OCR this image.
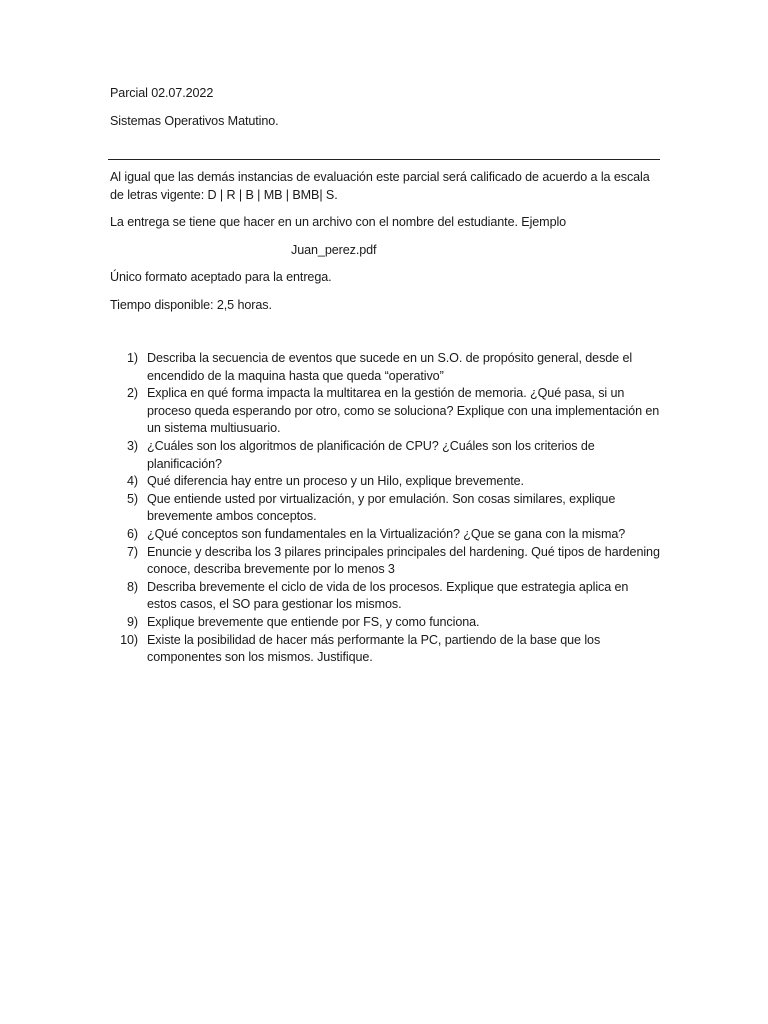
Parcial 02.07.2022
Sistemas Operativos Matutino.
Al igual que las demás instancias de evaluación este parcial será calificado de acuerdo a la escala de letras vigente: D | R | B | MB | BMB| S.
La entrega se tiene que hacer en un archivo con el nombre del estudiante. Ejemplo
Juan_perez.pdf
Único formato aceptado para la entrega.
Tiempo disponible: 2,5 horas.
1) Describa la secuencia de eventos que sucede en un S.O. de propósito general, desde el encendido de la maquina hasta que queda “operativo”
2) Explica en qué forma impacta la multitarea en la gestión de memoria. ¿Qué pasa, si un proceso queda esperando por otro, como se soluciona? Explique con una implementación en un sistema multiusuario.
3) ¿Cuáles son los algoritmos de planificación de CPU? ¿Cuáles son los criterios de planificación?
4) Qué diferencia hay entre un proceso y un Hilo, explique brevemente.
5) Que entiende usted por virtualización, y por emulación. Son cosas similares, explique brevemente ambos conceptos.
6) ¿Qué conceptos son fundamentales en la Virtualización? ¿Que se gana con la misma?
7) Enuncie y describa los 3 pilares principales principales del hardening. Qué tipos de hardening conoce, describa brevemente por lo menos 3
8) Describa brevemente el ciclo de vida de los procesos. Explique que estrategia aplica en estos casos, el SO para gestionar los mismos.
9) Explique brevemente que entiende por FS, y como funciona.
10) Existe la posibilidad de hacer más performante la PC, partiendo de la base que los componentes son los mismos. Justifique.
